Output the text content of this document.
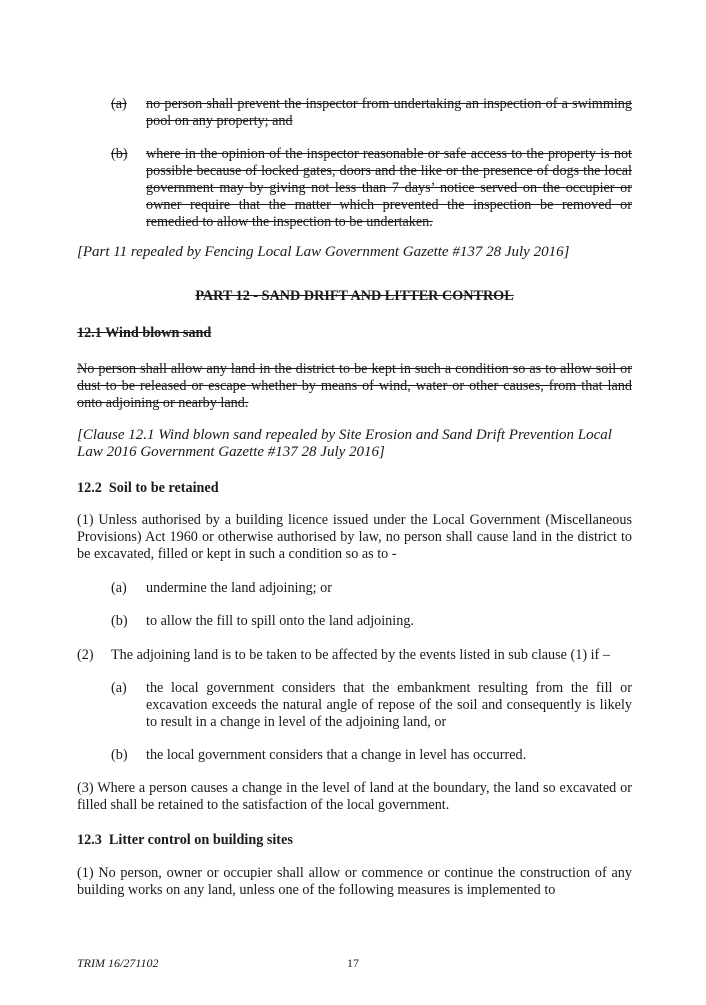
(a) no person shall prevent the inspector from undertaking an inspection of a swimming pool on any property; and

(b) where in the opinion of the inspector reasonable or safe access to the property is not possible because of locked gates, doors and the like or the presence of dogs the local government may by giving not less than 7 days’ notice served on the occupier or owner require that the matter which prevented the inspection be removed or remedied to allow the inspection to be undertaken.

[Part 11 repealed by Fencing Local Law Government Gazette #137 28 July 2016]

PART 12 - SAND DRIFT AND LITTER CONTROL

12.1 Wind blown sand

No person shall allow any land in the district to be kept in such a condition so as to allow soil or dust to be released or escape whether by means of wind, water or other causes, from that land onto adjoining or nearby land.

[Clause 12.1 Wind blown sand repealed by Site Erosion and Sand Drift Prevention Local Law 2016 Government Gazette #137 28 July 2016]

12.2  Soil to be retained

(1) Unless authorised by a building licence issued under the Local Government (Miscellaneous Provisions) Act 1960 or otherwise authorised by law, no person shall cause land in the district to be excavated, filled or kept in such a condition so as to -

(a) undermine the land adjoining; or

(b) to allow the fill to spill onto the land adjoining.

(2) The adjoining land is to be taken to be affected by the events listed in sub clause (1) if –

(a) the local government considers that the embankment resulting from the fill or excavation exceeds the natural angle of repose of the soil and consequently is likely to result in a change in level of the adjoining land, or

(b) the local government considers that a change in level has occurred.

(3) Where a person causes a change in the level of land at the boundary, the land so excavated or filled shall be retained to the satisfaction of the local government.

12.3  Litter control on building sites

(1) No person, owner or occupier shall allow or commence or continue the construction of any building works on any land, unless one of the following measures is implemented to

TRIM 16/271102	17
